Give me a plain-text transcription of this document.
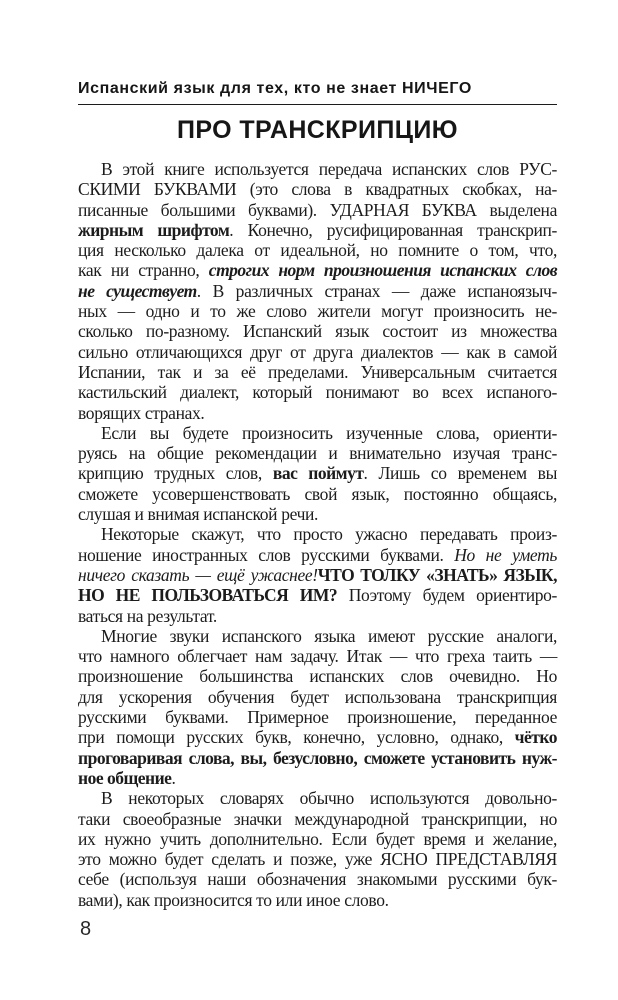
Испанский язык для тех, кто не знает НИЧЕГО
ПРО ТРАНСКРИПЦИЮ
В этой книге используется передача испанских слов РУС-
СКИМИ БУКВАМИ (это слова в квадратных скобках, на-
писанные большими буквами). УДАРНАЯ БУКВА выделена
жирным шрифтом. Конечно, русифицированная транскрип-
ция несколько далека от идеальной, но помните о том, что,
как ни странно, строгих норм произношения испанских слов
не существует. В различных странах — даже испаноязыч-
ных — одно и то же слово жители могут произносить не-
сколько по-разному. Испанский язык состоит из множества
сильно отличающихся друг от друга диалектов — как в самой
Испании, так и за её пределами. Универсальным считается
кастильский диалект, который понимают во всех испаного-
ворящих странах.
Если вы будете произносить изученные слова, ориенти-
руясь на общие рекомендации и внимательно изучая транс-
крипцию трудных слов, вас поймут. Лишь со временем вы
сможете усовершенствовать свой язык, постоянно общаясь,
слушая и внимая испанской речи.
Некоторые скажут, что просто ужасно передавать произ-
ношение иностранных слов русскими буквами. Но не уметь
ничего сказать — ещё ужаснее!ЧТО ТОЛКУ «ЗНАТЬ» ЯЗЫК,
НО НЕ ПОЛЬЗОВАТЬСЯ ИМ? Поэтому будем ориентиро-
ваться на результат.
Многие звуки испанского языка имеют русские аналоги,
что намного облегчает нам задачу. Итак — что греха таить —
произношение большинства испанских слов очевидно. Но
для ускорения обучения будет использована транскрипция
русскими буквами. Примерное произношение, переданное
при помощи русских букв, конечно, условно, однако, чётко
проговаривая слова, вы, безусловно, сможете установить нуж-
ное общение.
В некоторых словарях обычно используются довольно-
таки своеобразные значки международной транскрипции, но
их нужно учить дополнительно. Если будет время и желание,
это можно будет сделать и позже, уже ЯСНО ПРЕДСТАВЛЯЯ
себе (используя наши обозначения знакомыми русскими бук-
вами), как произносится то или иное слово.
8
